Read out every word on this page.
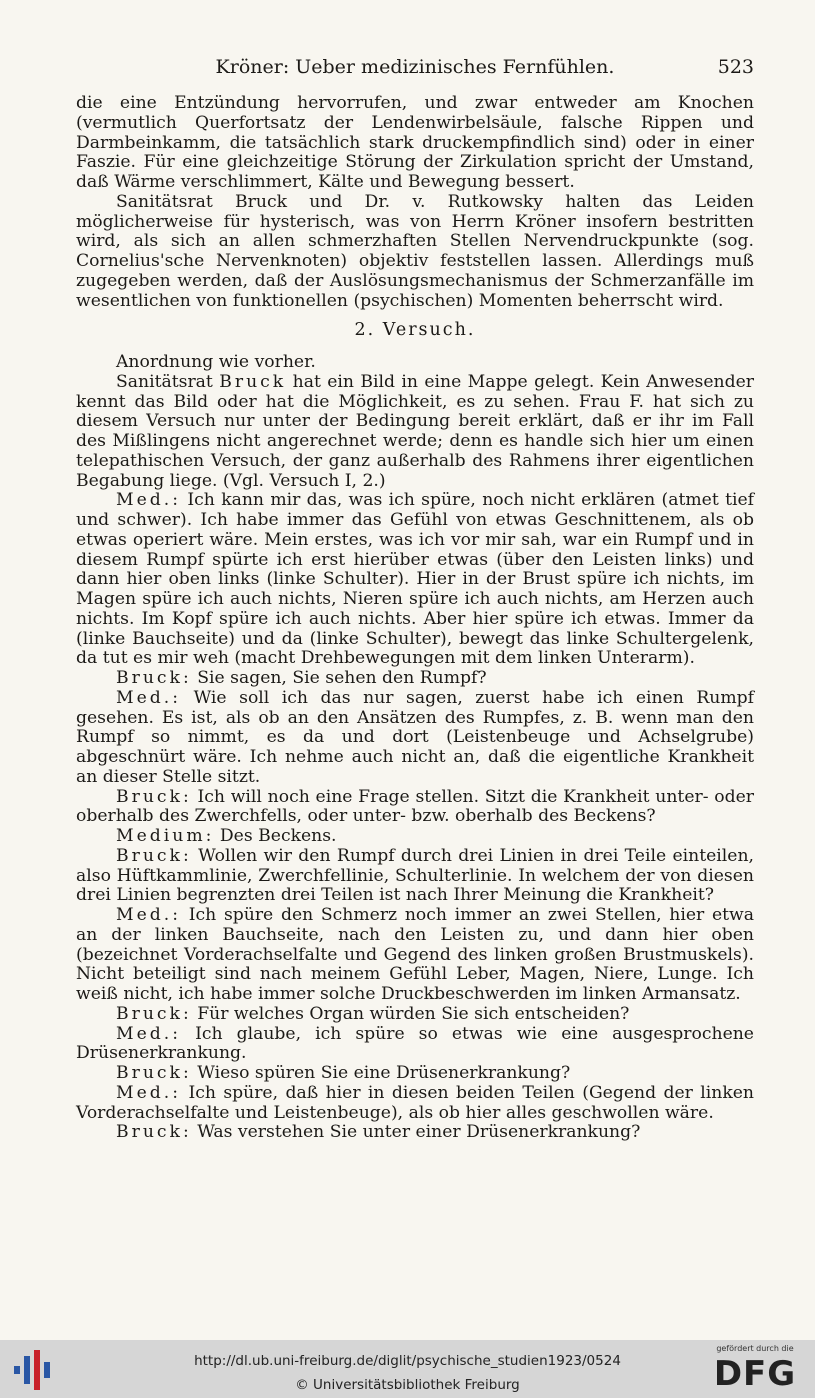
Kröner: Ueber medizinisches Fernfühlen.	523

die eine Entzündung hervorrufen, und zwar entweder am Knochen (vermutlich Querfortsatz der Lendenwirbelsäule, falsche Rippen und Darmbeinkamm, die tatsächlich stark druckempfindlich sind) oder in einer Faszie. Für eine gleichzeitige Störung der Zirkulation spricht der Umstand, daß Wärme verschlimmert, Kälte und Bewegung bessert.

Sanitätsrat Bruck und Dr. v. Rutkowsky halten das Leiden möglicherweise für hysterisch, was von Herrn Kröner insofern bestritten wird, als sich an allen schmerzhaften Stellen Nervendruckpunkte (sog. Cornelius'sche Nervenknoten) objektiv feststellen lassen. Allerdings muß zugegeben werden, daß der Auslösungsmechanismus der Schmerzanfälle im wesentlichen von funktionellen (psychischen) Momenten beherrscht wird.

2. Versuch.

Anordnung wie vorher.

Sanitätsrat Bruck hat ein Bild in eine Mappe gelegt. Kein Anwesender kennt das Bild oder hat die Möglichkeit, es zu sehen. Frau F. hat sich zu diesem Versuch nur unter der Bedingung bereit erklärt, daß er ihr im Fall des Mißlingens nicht angerechnet werde; denn es handle sich hier um einen telepathischen Versuch, der ganz außerhalb des Rahmens ihrer eigentlichen Begabung liege. (Vgl. Versuch I, 2.)

Med.: Ich kann mir das, was ich spüre, noch nicht erklären (atmet tief und schwer). Ich habe immer das Gefühl von etwas Geschnittenem, als ob etwas operiert wäre. Mein erstes, was ich vor mir sah, war ein Rumpf und in diesem Rumpf spürte ich erst hierüber etwas (über den Leisten links) und dann hier oben links (linke Schulter). Hier in der Brust spüre ich nichts, im Magen spüre ich auch nichts, Nieren spüre ich auch nichts, am Herzen auch nichts. Im Kopf spüre ich auch nichts. Aber hier spüre ich etwas. Immer da (linke Bauchseite) und da (linke Schulter), bewegt das linke Schultergelenk, da tut es mir weh (macht Drehbewegungen mit dem linken Unterarm).

Bruck: Sie sagen, Sie sehen den Rumpf?

Med.: Wie soll ich das nur sagen, zuerst habe ich einen Rumpf gesehen. Es ist, als ob an den Ansätzen des Rumpfes, z. B. wenn man den Rumpf so nimmt, es da und dort (Leistenbeuge und Achselgrube) abgeschnürt wäre. Ich nehme auch nicht an, daß die eigentliche Krankheit an dieser Stelle sitzt.

Bruck: Ich will noch eine Frage stellen. Sitzt die Krankheit unter- oder oberhalb des Zwerchfells, oder unter- bzw. oberhalb des Beckens?

Medium: Des Beckens.

Bruck: Wollen wir den Rumpf durch drei Linien in drei Teile einteilen, also Hüftkammlinie, Zwerchfellinie, Schulterlinie. In welchem der von diesen drei Linien begrenzten drei Teilen ist nach Ihrer Meinung die Krankheit?

Med.: Ich spüre den Schmerz noch immer an zwei Stellen, hier etwa an der linken Bauchseite, nach den Leisten zu, und dann hier oben (bezeichnet Vorderachselfalte und Gegend des linken großen Brustmuskels). Nicht beteiligt sind nach meinem Gefühl Leber, Magen, Niere, Lunge. Ich weiß nicht, ich habe immer solche Druckbeschwerden im linken Armansatz.

Bruck: Für welches Organ würden Sie sich entscheiden?

Med.: Ich glaube, ich spüre so etwas wie eine ausgesprochene Drüsenerkrankung.

Bruck: Wieso spüren Sie eine Drüsenerkrankung?

Med.: Ich spüre, daß hier in diesen beiden Teilen (Gegend der linken Vorderachselfalte und Leistenbeuge), als ob hier alles geschwollen wäre.

Bruck: Was verstehen Sie unter einer Drüsenerkrankung?

http://dl.ub.uni-freiburg.de/diglit/psychische_studien1923/0524
© Universitätsbibliothek Freiburg
gefördert durch die
DFG
